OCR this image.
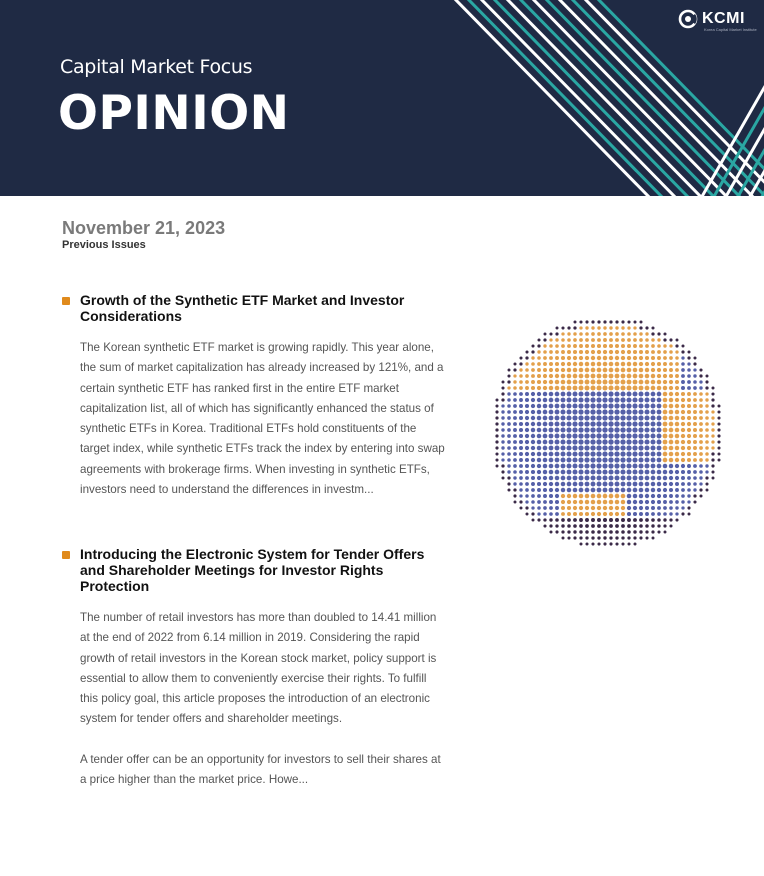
Capital Market Focus
OPINION
KCMI
Korea Capital Market Institute
November 21, 2023
Previous Issues
Growth of the Synthetic ETF Market and Investor Considerations

The Korean synthetic ETF market is growing rapidly. This year alone, the sum of market capitalization has already increased by 121%, and a certain synthetic ETF has ranked first in the entire ETF market capitalization list, all of which has significantly enhanced the status of synthetic ETFs in Korea. Traditional ETFs hold constituents of the target index, while synthetic ETFs track the index by entering into swap agreements with brokerage firms. When investing in synthetic ETFs, investors need to understand the differences in investm...

Introducing the Electronic System for Tender Offers and Shareholder Meetings for Investor Rights Protection

The number of retail investors has more than doubled to 14.41 million at the end of 2022 from 6.14 million in 2019. Considering the rapid growth of retail investors in the Korean stock market, policy support is essential to allow them to conveniently exercise their rights. To fulfill this policy goal, this article proposes the introduction of an electronic system for tender offers and shareholder meetings.

A tender offer can be an opportunity for investors to sell their shares at a price higher than the market price. Howe...
